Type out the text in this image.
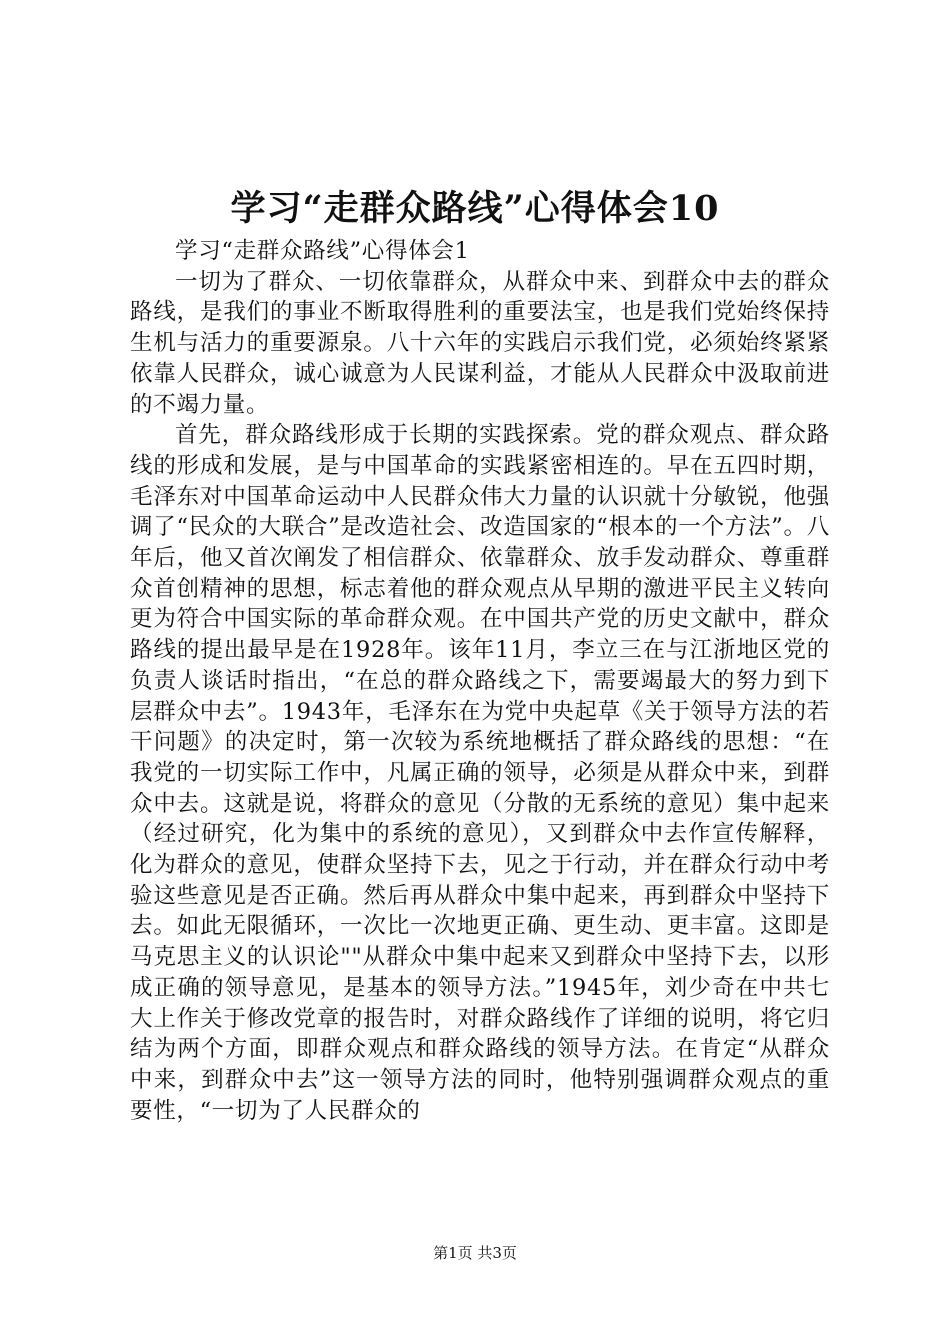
学习“走群众路线”心得体会10

学习“走群众路线”心得体会1

一切为了群众、一切依靠群众，从群众中来、到群众中去的群众路线，是我们的事业不断取得胜利的重要法宝，也是我们党始终保持生机与活力的重要源泉。八十六年的实践启示我们党，必须始终紧紧依靠人民群众，诚心诚意为人民谋利益，才能从人民群众中汲取前进的不竭力量。

首先，群众路线形成于长期的实践探索。党的群众观点、群众路线的形成和发展，是与中国革命的实践紧密相连的。早在五四时期，毛泽东对中国革命运动中人民群众伟大力量的认识就十分敏锐，他强调了“民众的大联合”是改造社会、改造国家的“根本的一个方法”。八年后，他又首次阐发了相信群众、依靠群众、放手发动群众、尊重群众首创精神的思想，标志着他的群众观点从早期的激进平民主义转向更为符合中国实际的革命群众观。在中国共产党的历史文献中，群众路线的提出最早是在1928年。该年11月，李立三在与江浙地区党的负责人谈话时指出，“在总的群众路线之下，需要竭最大的努力到下层群众中去”。1943年，毛泽东在为党中央起草《关于领导方法的若干问题》的决定时，第一次较为系统地概括了群众路线的思想：“在我党的一切实际工作中，凡属正确的领导，必须是从群众中来，到群众中去。这就是说，将群众的意见（分散的无系统的意见）集中起来（经过研究，化为集中的系统的意见），又到群众中去作宣传解释，化为群众的意见，使群众坚持下去，见之于行动，并在群众行动中考验这些意见是否正确。然后再从群众中集中起来，再到群众中坚持下去。如此无限循环，一次比一次地更正确、更生动、更丰富。这即是马克思主义的认识论""从群众中集中起来又到群众中坚持下去，以形成正确的领导意见，是基本的领导方法。”1945年，刘少奇在中共七大上作关于修改党章的报告时，对群众路线作了详细的说明，将它归结为两个方面，即群众观点和群众路线的领导方法。在肯定“从群众中来，到群众中去”这一领导方法的同时，他特别强调群众观点的重要性，“一切为了人民群众的

第1页 共3页
